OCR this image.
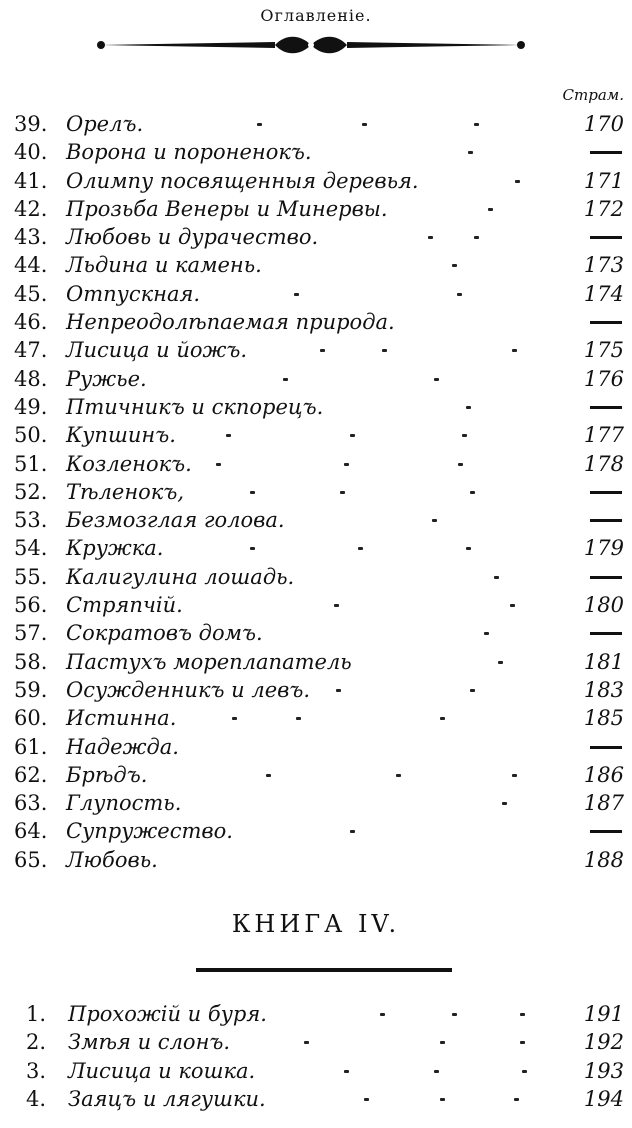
Оглавленіе.
Страм.
39. Орелъ.	170
40. Ворона и пороненокъ.
41. Олимпу посвященныя деревья.	171
42. Прозьба Венеры и Минервы.	172
43. Любовь и дурачество.
44. Льдина и камень.	173
45. Отпускная.	174
46. Непреодолѣпаемая природа.
47. Лисица и йожъ.	175
48. Ружье.	176
49. Птичникъ и скпорецъ.
50. Купшинъ.	177
51. Козленокъ.	178
52. Тѣленокъ,
53. Безмозглая голова.
54. Кружка.	179
55. Калигулина лошадь.
56. Стряпчій.	180
57. Сократовъ домъ.
58. Пастухъ мореплапатель	181
59. Осужденникъ и левъ.	183
60. Истинна.	185
61. Надежда.
62. Брѣдъ.	186
63. Глупость.	187
64. Супружество.
65. Любовь.	188
КНИГА IV.
1.	Прохожій и буря.	191
2.	Змѣя и слонъ.	192
3.	Лисица и кошка.	193
4.	Заяцъ и лягушки.	194
